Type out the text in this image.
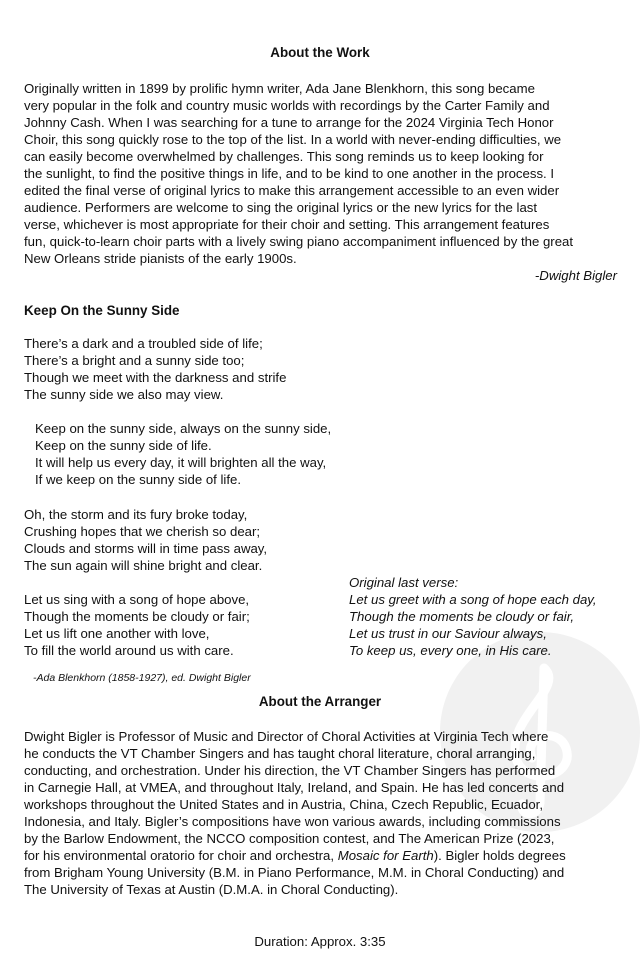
About the Work
Originally written in 1899 by prolific hymn writer, Ada Jane Blenkhorn, this song became
very popular in the folk and country music worlds with recordings by the Carter Family and
Johnny Cash. When I was searching for a tune to arrange for the 2024 Virginia Tech Honor
Choir, this song quickly rose to the top of the list. In a world with never-ending difficulties, we
can easily become overwhelmed by challenges. This song reminds us to keep looking for
the sunlight, to find the positive things in life, and to be kind to one another in the process. I
edited the final verse of original lyrics to make this arrangement accessible to an even wider
audience. Performers are welcome to sing the original lyrics or the new lyrics for the last
verse, whichever is most appropriate for their choir and setting. This arrangement features
fun, quick-to-learn choir parts with a lively swing piano accompaniment influenced by the great
New Orleans stride pianists of the early 1900s.
-Dwight Bigler
Keep On the Sunny Side
There’s a dark and a troubled side of life;
There’s a bright and a sunny side too;
Though we meet with the darkness and strife
The sunny side we also may view.
Keep on the sunny side, always on the sunny side,
Keep on the sunny side of life.
It will help us every day, it will brighten all the way,
If we keep on the sunny side of life.
Oh, the storm and its fury broke today,
Crushing hopes that we cherish so dear;
Clouds and storms will in time pass away,
The sun again will shine bright and clear.
Let us sing with a song of hope above,
Though the moments be cloudy or fair;
Let us lift one another with love,
To fill the world around us with care.
Original last verse:
Let us greet with a song of hope each day,
Though the moments be cloudy or fair,
Let us trust in our Saviour always,
To keep us, every one, in His care.
-Ada Blenkhorn (1858-1927), ed. Dwight Bigler
About the Arranger
Dwight Bigler is Professor of Music and Director of Choral Activities at Virginia Tech where
he conducts the VT Chamber Singers and has taught choral literature, choral arranging,
conducting, and orchestration. Under his direction, the VT Chamber Singers has performed
in Carnegie Hall, at VMEA, and throughout Italy, Ireland, and Spain. He has led concerts and
workshops throughout the United States and in Austria, China, Czech Republic, Ecuador,
Indonesia, and Italy. Bigler’s compositions have won various awards, including commissions
by the Barlow Endowment, the NCCO composition contest, and The American Prize (2023,
for his environmental oratorio for choir and orchestra, Mosaic for Earth). Bigler holds degrees
from Brigham Young University (B.M. in Piano Performance, M.M. in Choral Conducting) and
The University of Texas at Austin (D.M.A. in Choral Conducting).
Duration: Approx. 3:35
